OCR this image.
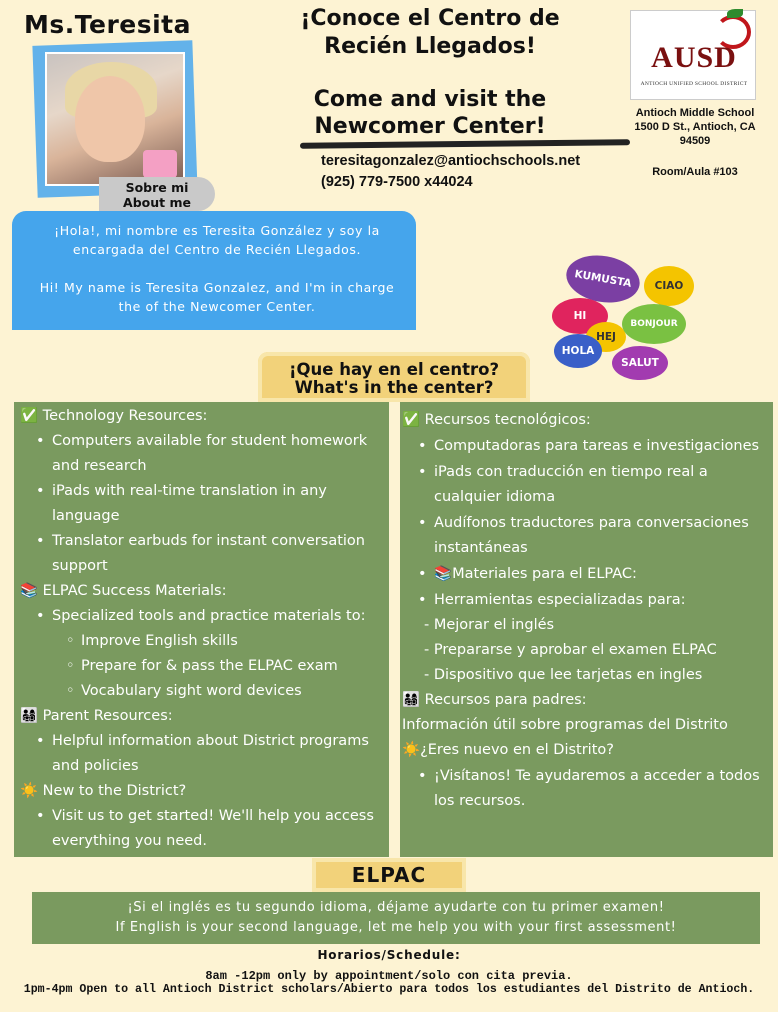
Ms.Teresita
Sobre mi
About me
¡Conoce el Centro de
Recién Llegados!
Come and visit the
Newcomer Center!
teresitagonzalez@antiochschools.net
(925) 779-7500 x44024
AUSD
ANTIOCH UNIFIED SCHOOL DISTRICT
Antioch Middle School
1500 D St., Antioch, CA
94509
Room/Aula #103

¡Hola!, mi nombre es Teresita González y soy la encargada del Centro de Recién Llegados.

Hi! My name is Teresita Gonzalez, and I'm in charge the of the Newcomer Center.

KUMUSTA	CIAO
HI
HEJ
BONJOUR
HOLA
SALUT
¡Que hay en el centro?
What's in the center?
✅ Technology Resources:
• Computers available for student homework and research
• iPads with real-time translation in any language
• Translator earbuds for instant conversation support
📚 ELPAC Success Materials:
• Specialized tools and practice materials to:
◦ Improve English skills
◦ Prepare for & pass the ELPAC exam
◦ Vocabulary sight word devices
👨‍👩‍👧‍👦 Parent Resources:
• Helpful information about District programs and policies
☀️ New to the District?
• Visit us to get started! We'll help you access everything you need.
✅ Recursos tecnológicos:
• Computadoras para tareas e investigaciones
• iPads con traducción en tiempo real a cualquier idioma
• Audífonos traductores para conversaciones instantáneas
• 📚Materiales para el ELPAC:
• Herramientas especializadas para:
- Mejorar el inglés
- Prepararse y aprobar el examen ELPAC
- Dispositivo que lee tarjetas en ingles
👨‍👩‍👧‍👦 Recursos para padres:
Información útil sobre programas del Distrito
☀️¿Eres nuevo en el Distrito?
• ¡Visítanos! Te ayudaremos a acceder a todos los recursos.
ELPAC
¡Si el inglés es tu segundo idioma, déjame ayudarte con tu primer examen!
If English is your second language, let me help you with your first assessment!
Horarios/Schedule:
8am -12pm only by appointment/solo con cita previa.
1pm-4pm Open to all Antioch District scholars/Abierto para todos los estudiantes del Distrito de Antioch.
